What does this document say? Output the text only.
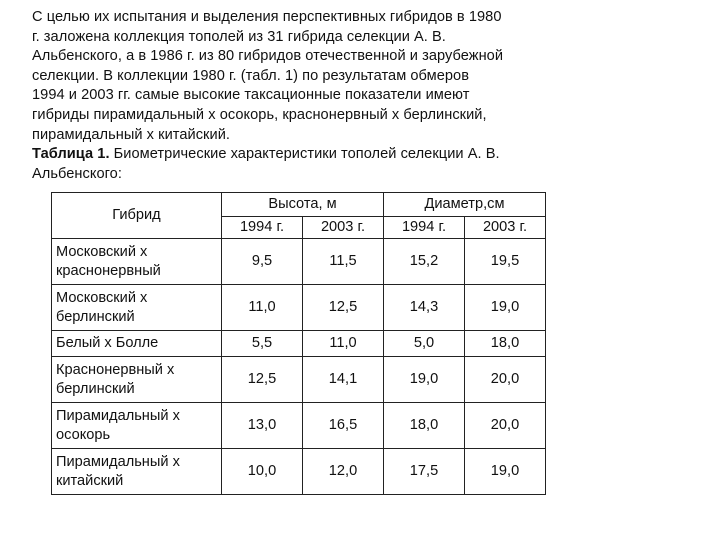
С целью их испытания и выделения перспективных гибридов в 1980
г. заложена коллекция тополей из 31 гибрида селекции А. В.
Альбенского, а в 1986 г. из 80 гибридов отечественной и зарубежной
селекции. В коллекции 1980 г. (табл. 1) по результатам обмеров
1994 и 2003 гг. самые высокие таксационные показатели имеют
гибриды пирамидальный х осокорь, краснонервный х берлинский,
пирамидальный х китайский.
Таблица 1. Биометрические характеристики тополей селекции А. В.
Альбенского:
Гибрид	Высота, м		Диаметр,см	
	1994 г.	2003 г.	1994 г.	2003 г.
Московский х
краснонервный	9,5	11,5	15,2	19,5
Московский х
берлинский	11,0	12,5	14,3	19,0
Белый х Болле	5,5	11,0	5,0	18,0
Краснонервный х
берлинский	12,5	14,1	19,0	20,0
Пирамидальный х
осокорь	13,0	16,5	18,0	20,0
Пирамидальный х
китайский	10,0	12,0	17,5	19,0
